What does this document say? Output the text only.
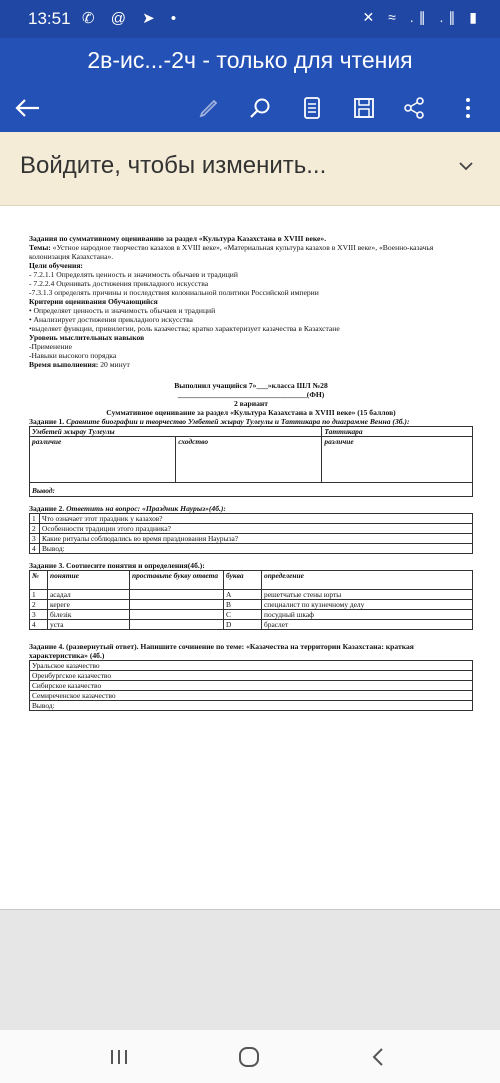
13:51 ✆ @ ➤ •	✕ ≈ .∥ .∥ ▮
2в-ис...-2ч - только для чтения
Войдите, чтобы изменить...

Задания по суммативному оцениванию за раздел «Культура Казахстана в XVIII веке».

Темы: «Устное народное творчество казахов в XVIII веке», «Материальная культура казахов в XVIII веке», «Военно-казачья колонизация Казахстана».

Цели обучения:

- 7.2.1.1 Определять ценность и значимость обычаев и традиций

- 7.2.2.4 Оценивать достижения прикладного искусства

-7.3.1.3 определять причины и последствия колониальной политики Российской империи

Критерии оценивания Обучающийся

• Определяет ценность и значимость обычаев и традиций

• Анализирует достижения прикладного искусства

•выделяет функции, привилегии, роль казачества; кратко характеризует казачества в Казахстане

Уровень мыслительных навыков

-Применение

-Навыки высокого порядка

Время выполнения: 20 минут

Выполнил учащийся 7»___»класса ШЛ №28

__________________________________(ФН)

2 вариант

Суммативное оценивание за раздел «Культура Казахстана в XVIII веке» (15 баллов)

Задание 1. Сравните биографии и творчество Умбетей жырау Тулеулы и Таттикара по диаграмме Венна (3б.):

Умбетей жырау Тулеулы		Таттикара
различие	сходство	различие
Вывод:		

Задание 2. Ответить на вопрос: «Праздник Наурыз»(4б.):

1	Что означает этот праздник у казахов?
2	Особенности традиции этого праздника?
3	Какие ритуалы соблюдались во время празднования Наурыза?
4	Вывод:

Задание 3. Соотнесите понятия и определения(4б.):

№	понятие	проставьте букву ответа	буква	определение
1	асадал		А	решетчатые стены юрты
2	кереге		В	специалист по кузнечному делу
3	білезік		С	посудный шкаф
4	уста		D	браслет

Задание 4. (развернутый ответ). Напишите сочинение по теме: «Казачества на территории Казахстана: краткая характеристика» (4б.)

Уральское казачество
Оренбургское казачество
Сибирское казачество
Семиреченское казачество
Вывод:
